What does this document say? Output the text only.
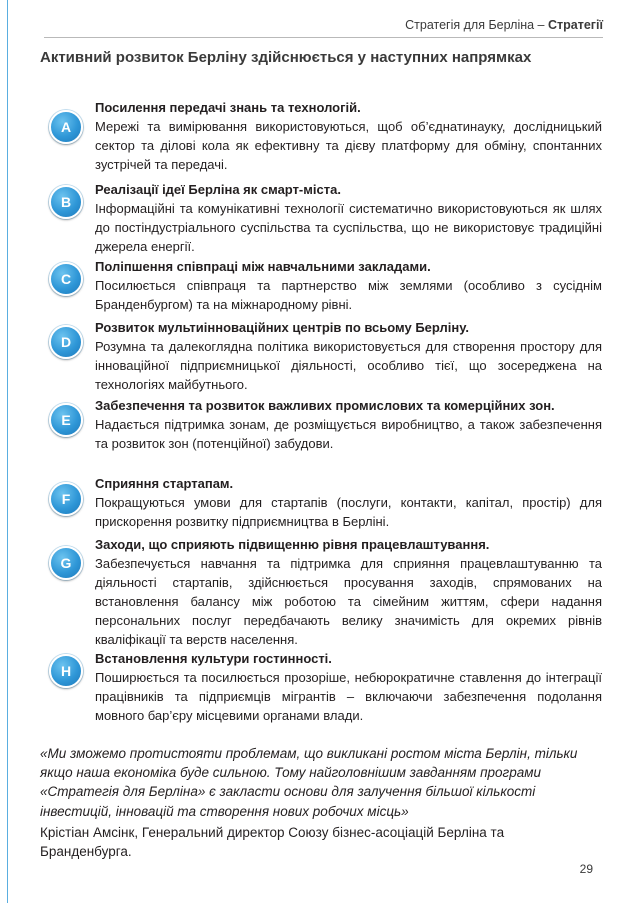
Стратегія для Берліна – Стратегії
Активний розвиток Берліну здійснюється у наступних напрямках
A
Посилення передачі знань та технологій.
Мережі та вимірювання використовуються, щоб об’єднатинауку, дослідницький сектор та ділові кола як ефективну та дієву платформу для обміну, спонтанних зустрічей та передачі.
B
Реалізації ідеї Берліна як смарт-міста.
Інформаційні та комунікативні технології систематично використовуються як шлях до постіндустріального суспільства та суспільства, що не використовує традиційні джерела енергії.
C
Поліпшення співпраці між навчальними закладами.
Посилюється співпраця та партнерство між землями (особливо з сусіднім Бранденбургом) та на міжнародному рівні.
D
Розвиток мультиінноваційних центрів по всьому Берліну.
Розумна та далекоглядна політика використовується для створення простору для інноваційної підприємницької діяльності, особливо тієї, що зосереджена на технологіях майбутнього.
E
Забезпечення та розвиток важливих промислових та комерційних зон.
Надається підтримка зонам, де розміщується виробництво, а також забезпечення та розвиток зон (потенційної) забудови.
F
Сприяння стартапам.
Покращуються умови для стартапів (послуги, контакти, капітал, простір) для прискорення розвитку підприємництва в Берліні.
G
Заходи, що сприяють підвищенню рівня працевлаштування.
Забезпечується навчання та підтримка для сприяння працевлаштуванню та діяльності стартапів, здійснюється просування заходів, спрямованих на встановлення балансу між роботою та сімейним життям, сфери надання персональних послуг передбачають велику значимість для окремих рівнів кваліфікації та верств населення.
H
Встановлення культури гостинності.
Поширюється та посилюється прозоріше, небюрократичне ставлення до інтеграції працівників та підприємців мігрантів – включаючи забезпечення подолання мовного бар’єру місцевими органами влади.

«Ми зможемо протистояти проблемам, що викликані ростом міста Берлін, тільки якщо наша економіка буде сильною. Тому найголовнішим завданням програми «Стратегія для Берліна» є закласти основи для залучення більшої кількості інвестицій, інновацій та створення нових робочих місць»

Крістіан Амсінк, Генеральний директор Союзу бізнес-асоціацій Берліна та Бранденбурга.
29
